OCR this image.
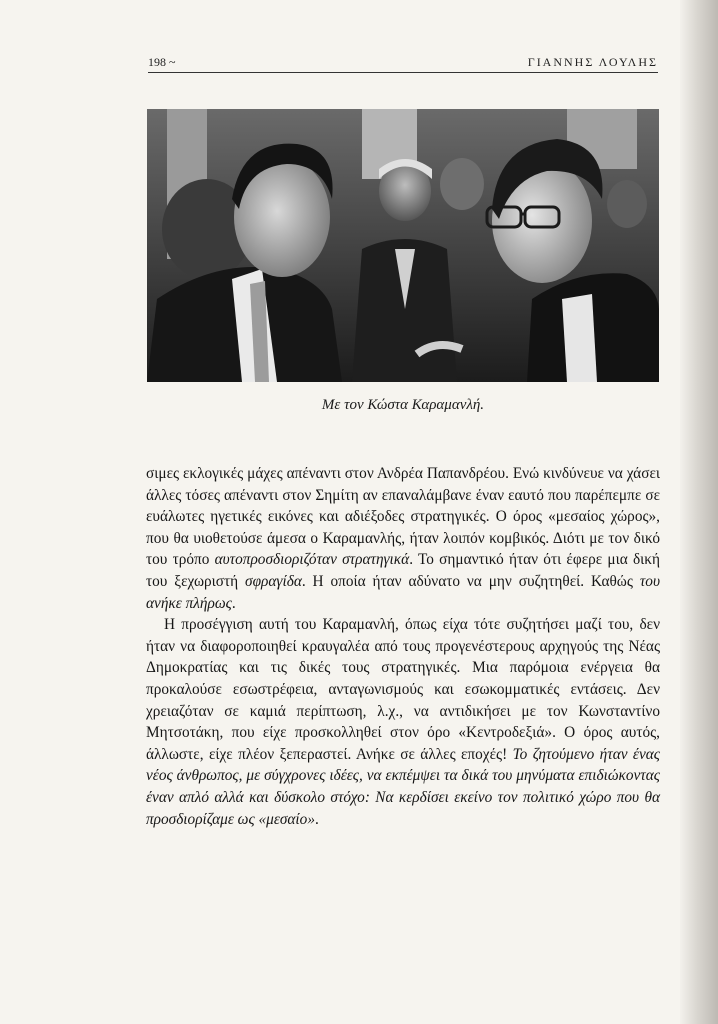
198 ~	ΓΙΑΝΝΗΣ ΛΟΥΛΗΣ
Με τον Κώστα Καραμανλή.

σιμες εκλογικές μάχες απέναντι στον Ανδρέα Παπανδρέου. Ενώ κινδύνευε να χάσει άλλες τόσες απέναντι στον Σημίτη αν επαναλάμβανε έναν εαυτό που παρέπεμπε σε ευάλωτες ηγετικές εικόνες και αδιέξοδες στρατηγικές. Ο όρος «μεσαίος χώρος», που θα υιοθετούσε άμεσα ο Καραμανλής, ήταν λοιπόν κομβικός. Διότι με τον δικό του τρόπο αυτοπροσδιοριζόταν στρατηγικά. Το σημαντικό ήταν ότι έφερε μια δική του ξεχωριστή σφραγίδα. Η οποία ήταν αδύνατο να μην συζητηθεί. Καθώς του ανήκε πλήρως.

Η προσέγγιση αυτή του Καραμανλή, όπως είχα τότε συζητήσει μαζί του, δεν ήταν να διαφοροποιηθεί κραυγαλέα από τους προγενέστερους αρχηγούς της Νέας Δημοκρατίας και τις δικές τους στρατηγικές. Μια παρόμοια ενέργεια θα προκαλούσε εσωστρέφεια, ανταγωνισμούς και εσωκομματικές εντάσεις. Δεν χρειαζόταν σε καμιά περίπτωση, λ.χ., να αντιδικήσει με τον Κωνσταντίνο Μητσοτάκη, που είχε προσκολληθεί στον όρο «Κεντροδεξιά». Ο όρος αυτός, άλλωστε, είχε πλέον ξεπεραστεί. Ανήκε σε άλλες εποχές! Το ζητούμενο ήταν ένας νέος άνθρωπος, με σύγχρονες ιδέες, να εκπέμψει τα δικά του μηνύματα επιδιώκοντας έναν απλό αλλά και δύσκολο στόχο: Να κερδίσει εκείνο τον πολιτικό χώρο που θα προσδιορίζαμε ως «μεσαίο».
